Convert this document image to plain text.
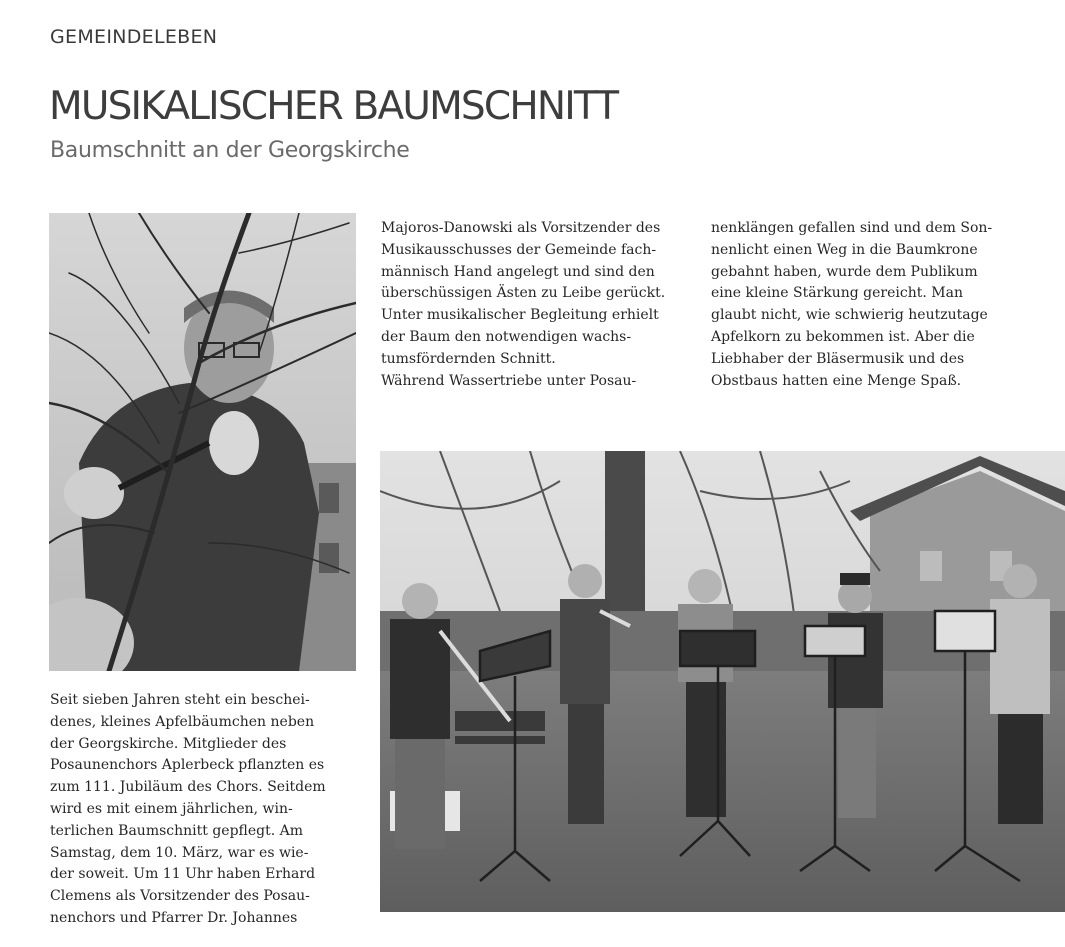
GEMEINDELEBEN
MUSIKALISCHER BAUMSCHNITT
Baumschnitt an der Georgskirche

Seit sieben Jahren steht ein beschei-
denes, kleines Apfelbäumchen neben
der Georgskirche. Mitglieder des
Posaunenchors Aplerbeck pflanzten es
zum 111. Jubiläum des Chors. Seitdem
wird es mit einem jährlichen, win-
terlichen Baumschnitt gepflegt. Am
Samstag, dem 10. März, war es wie-
der soweit. Um 11 Uhr haben Erhard
Clemens als Vorsitzender des Posau-
nenchors und Pfarrer Dr. Johannes

Majoros-Danowski als Vorsitzender des
Musikausschusses der Gemeinde fach-
männisch Hand angelegt und sind den
überschüssigen Ästen zu Leibe gerückt.
Unter musikalischer Begleitung erhielt
der Baum den notwendigen wachs-
tumsfördernden Schnitt.
Während Wassertriebe unter Posau-

nenklängen gefallen sind und dem Son-
nenlicht einen Weg in die Baumkrone
gebahnt haben, wurde dem Publikum
eine kleine Stärkung gereicht. Man
glaubt nicht, wie schwierig heutzutage
Apfelkorn zu bekommen ist. Aber die
Liebhaber der Bläsermusik und des
Obstbaus hatten eine Menge Spaß.
